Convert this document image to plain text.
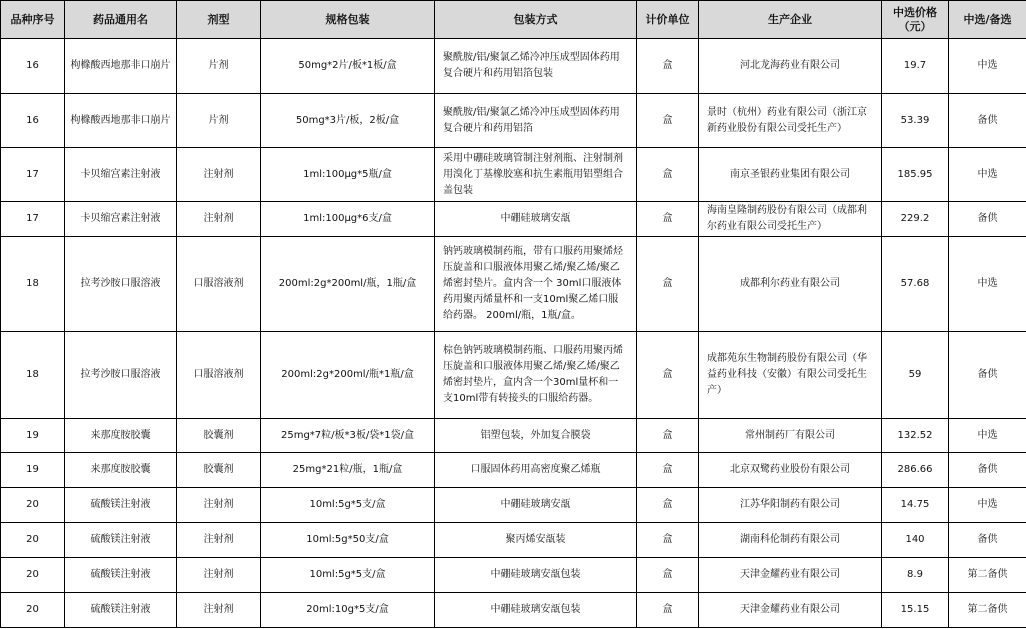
品种序号	药品通用名	剂型	规格包装	包装方式	计价单位	生产企业	中选价格（元）	中选/备选
16	枸橼酸西地那非口崩片	片剂	50mg*2片/板*1板/盒	聚酰胺/铝/聚氯乙烯冷冲压成型固体药用复合硬片和药用铝箔包装	盒	河北龙海药业有限公司	19.7	中选
16	枸橼酸西地那非口崩片	片剂	50mg*3片/板，2板/盒	聚酰胺/铝/聚氯乙烯冷冲压成型固体药用复合硬片和药用铝箔	盒	景时（杭州）药业有限公司（浙江京新药业股份有限公司受托生产）	53.39	备供
17	卡贝缩宫素注射液	注射剂	1ml:100μg*5瓶/盒	采用中硼硅玻璃管制注射剂瓶、注射制剂用溴化丁基橡胶塞和抗生素瓶用铝塑组合盖包装	盒	南京圣银药业集团有限公司	185.95	中选
17	卡贝缩宫素注射液	注射剂	1ml:100μg*6支/盒	中硼硅玻璃安瓿	盒	海南皇隆制药股份有限公司（成都利尔药业有限公司受托生产）	229.2	备供
18	拉考沙胺口服溶液	口服溶液剂	200ml:2g*200ml/瓶，1瓶/盒	钠钙玻璃模制药瓶，带有口服药用聚烯烃压旋盖和口服液体用聚乙烯/聚乙烯/聚乙烯密封垫片。盒内含一个 30ml口服液体药用聚丙烯量杯和一支10ml聚乙烯口服给药器。 200ml/瓶，1瓶/盒。	盒	成都利尔药业有限公司	57.68	中选
18	拉考沙胺口服溶液	口服溶液剂	200ml:2g*200ml/瓶*1瓶/盒	棕色钠钙玻璃模制药瓶、口服药用聚丙烯压旋盖和口服液体用聚乙烯/聚乙烯/聚乙烯密封垫片，盒内含一个30ml量杯和一支10ml带有转接头的口服给药器。	盒	成都苑东生物制药股份有限公司（华益药业科技（安徽）有限公司受托生产）	59	备供
19	来那度胺胶囊	胶囊剂	25mg*7粒/板*3板/袋*1袋/盒	铝塑包装，外加复合膜袋	盒	常州制药厂有限公司	132.52	中选
19	来那度胺胶囊	胶囊剂	25mg*21粒/瓶，1瓶/盒	口服固体药用高密度聚乙烯瓶	盒	北京双鹭药业股份有限公司	286.66	备供
20	硫酸镁注射液	注射剂	10ml:5g*5支/盒	中硼硅玻璃安瓿	盒	江苏华阳制药有限公司	14.75	中选
20	硫酸镁注射液	注射剂	10ml:5g*50支/盒	聚丙烯安瓿装	盒	湖南科伦制药有限公司	140	备供
20	硫酸镁注射液	注射剂	10ml:5g*5支/盒	中硼硅玻璃安瓿包装	盒	天津金耀药业有限公司	8.9	第二备供
20	硫酸镁注射液	注射剂	20ml:10g*5支/盒	中硼硅玻璃安瓿包装	盒	天津金耀药业有限公司	15.15	第二备供
